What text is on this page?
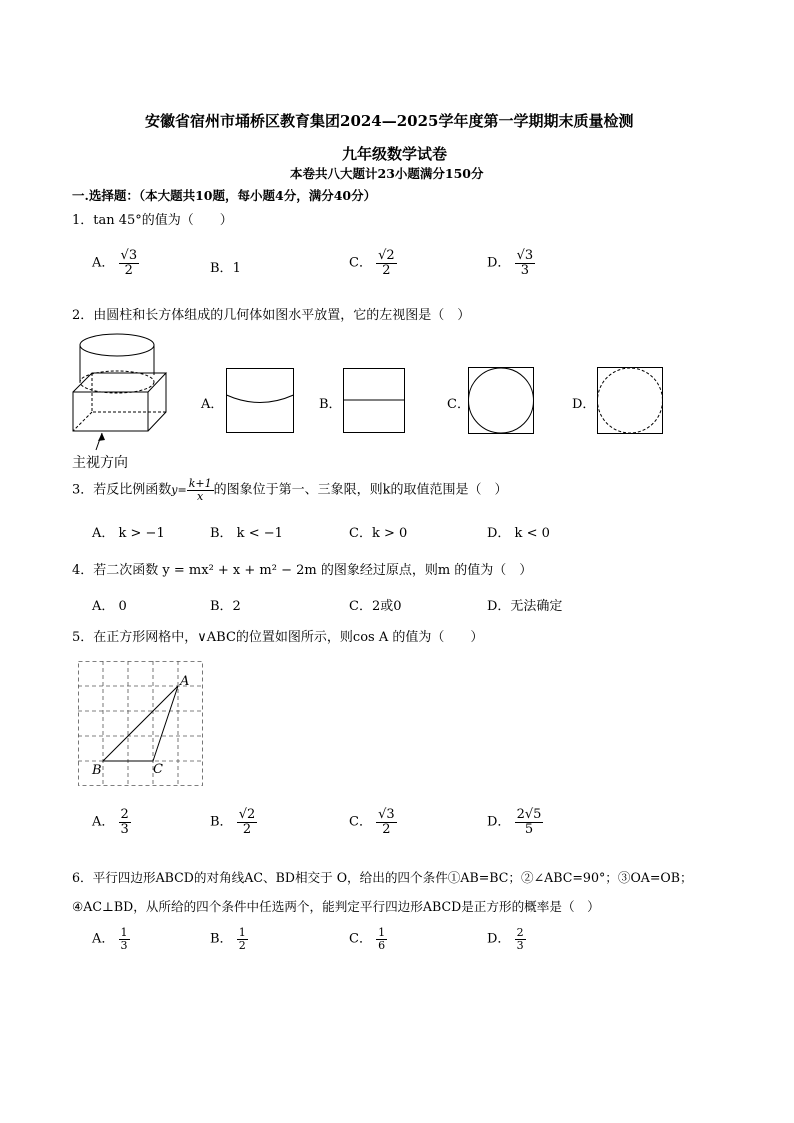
安徽省宿州市埇桥区教育集团2024—2025学年度第一学期期末质量检测
九年级数学试卷
本卷共八大题计23小题满分150分
一.选择题：（本大题共10题，每小题4分，满分40分）
1．tan 45°的值为（　　）
A． $\frac{√3}{2}$	B．1	C． $\frac{√2}{2}$	D． $\frac{√3}{3}$
2．由圆柱和长方体组成的几何体如图水平放置，它的左视图是（　）
主视方向
A．	B．	C．	D．
3．若反比例函数$y= \frac{k+1}{x}$ 的图象位于第一、三象限，则k的取值范围是（　）
A． k > −1	B． k < −1	C．k > 0	D． k < 0
4．若二次函数 y = mx² + x + m² − 2m 的图象经过原点，则m 的值为（　）
A． 0	B．2	C．2或0	D．无法确定
5．在正方形网格中，∨ABC的位置如图所示，则cos A 的值为（　　）
A
B	C
A． $\frac{2}{3}$	B． $\frac{√2}{2}$	C． $\frac{√3}{2}$	D． $\frac{2√5}{5}$
6．平行四边形ABCD的对角线AC、BD相交于 O，给出的四个条件①AB=BC；②∠ABC=90°；③OA=OB；
④AC⊥BD，从所给的四个条件中任选两个，能判定平行四边形ABCD是正方形的概率是（　）
A． $\frac{1}{3}$	B． $\frac{1}{2}$	C． $\frac{1}{6}$	D． $\frac{2}{3}$
